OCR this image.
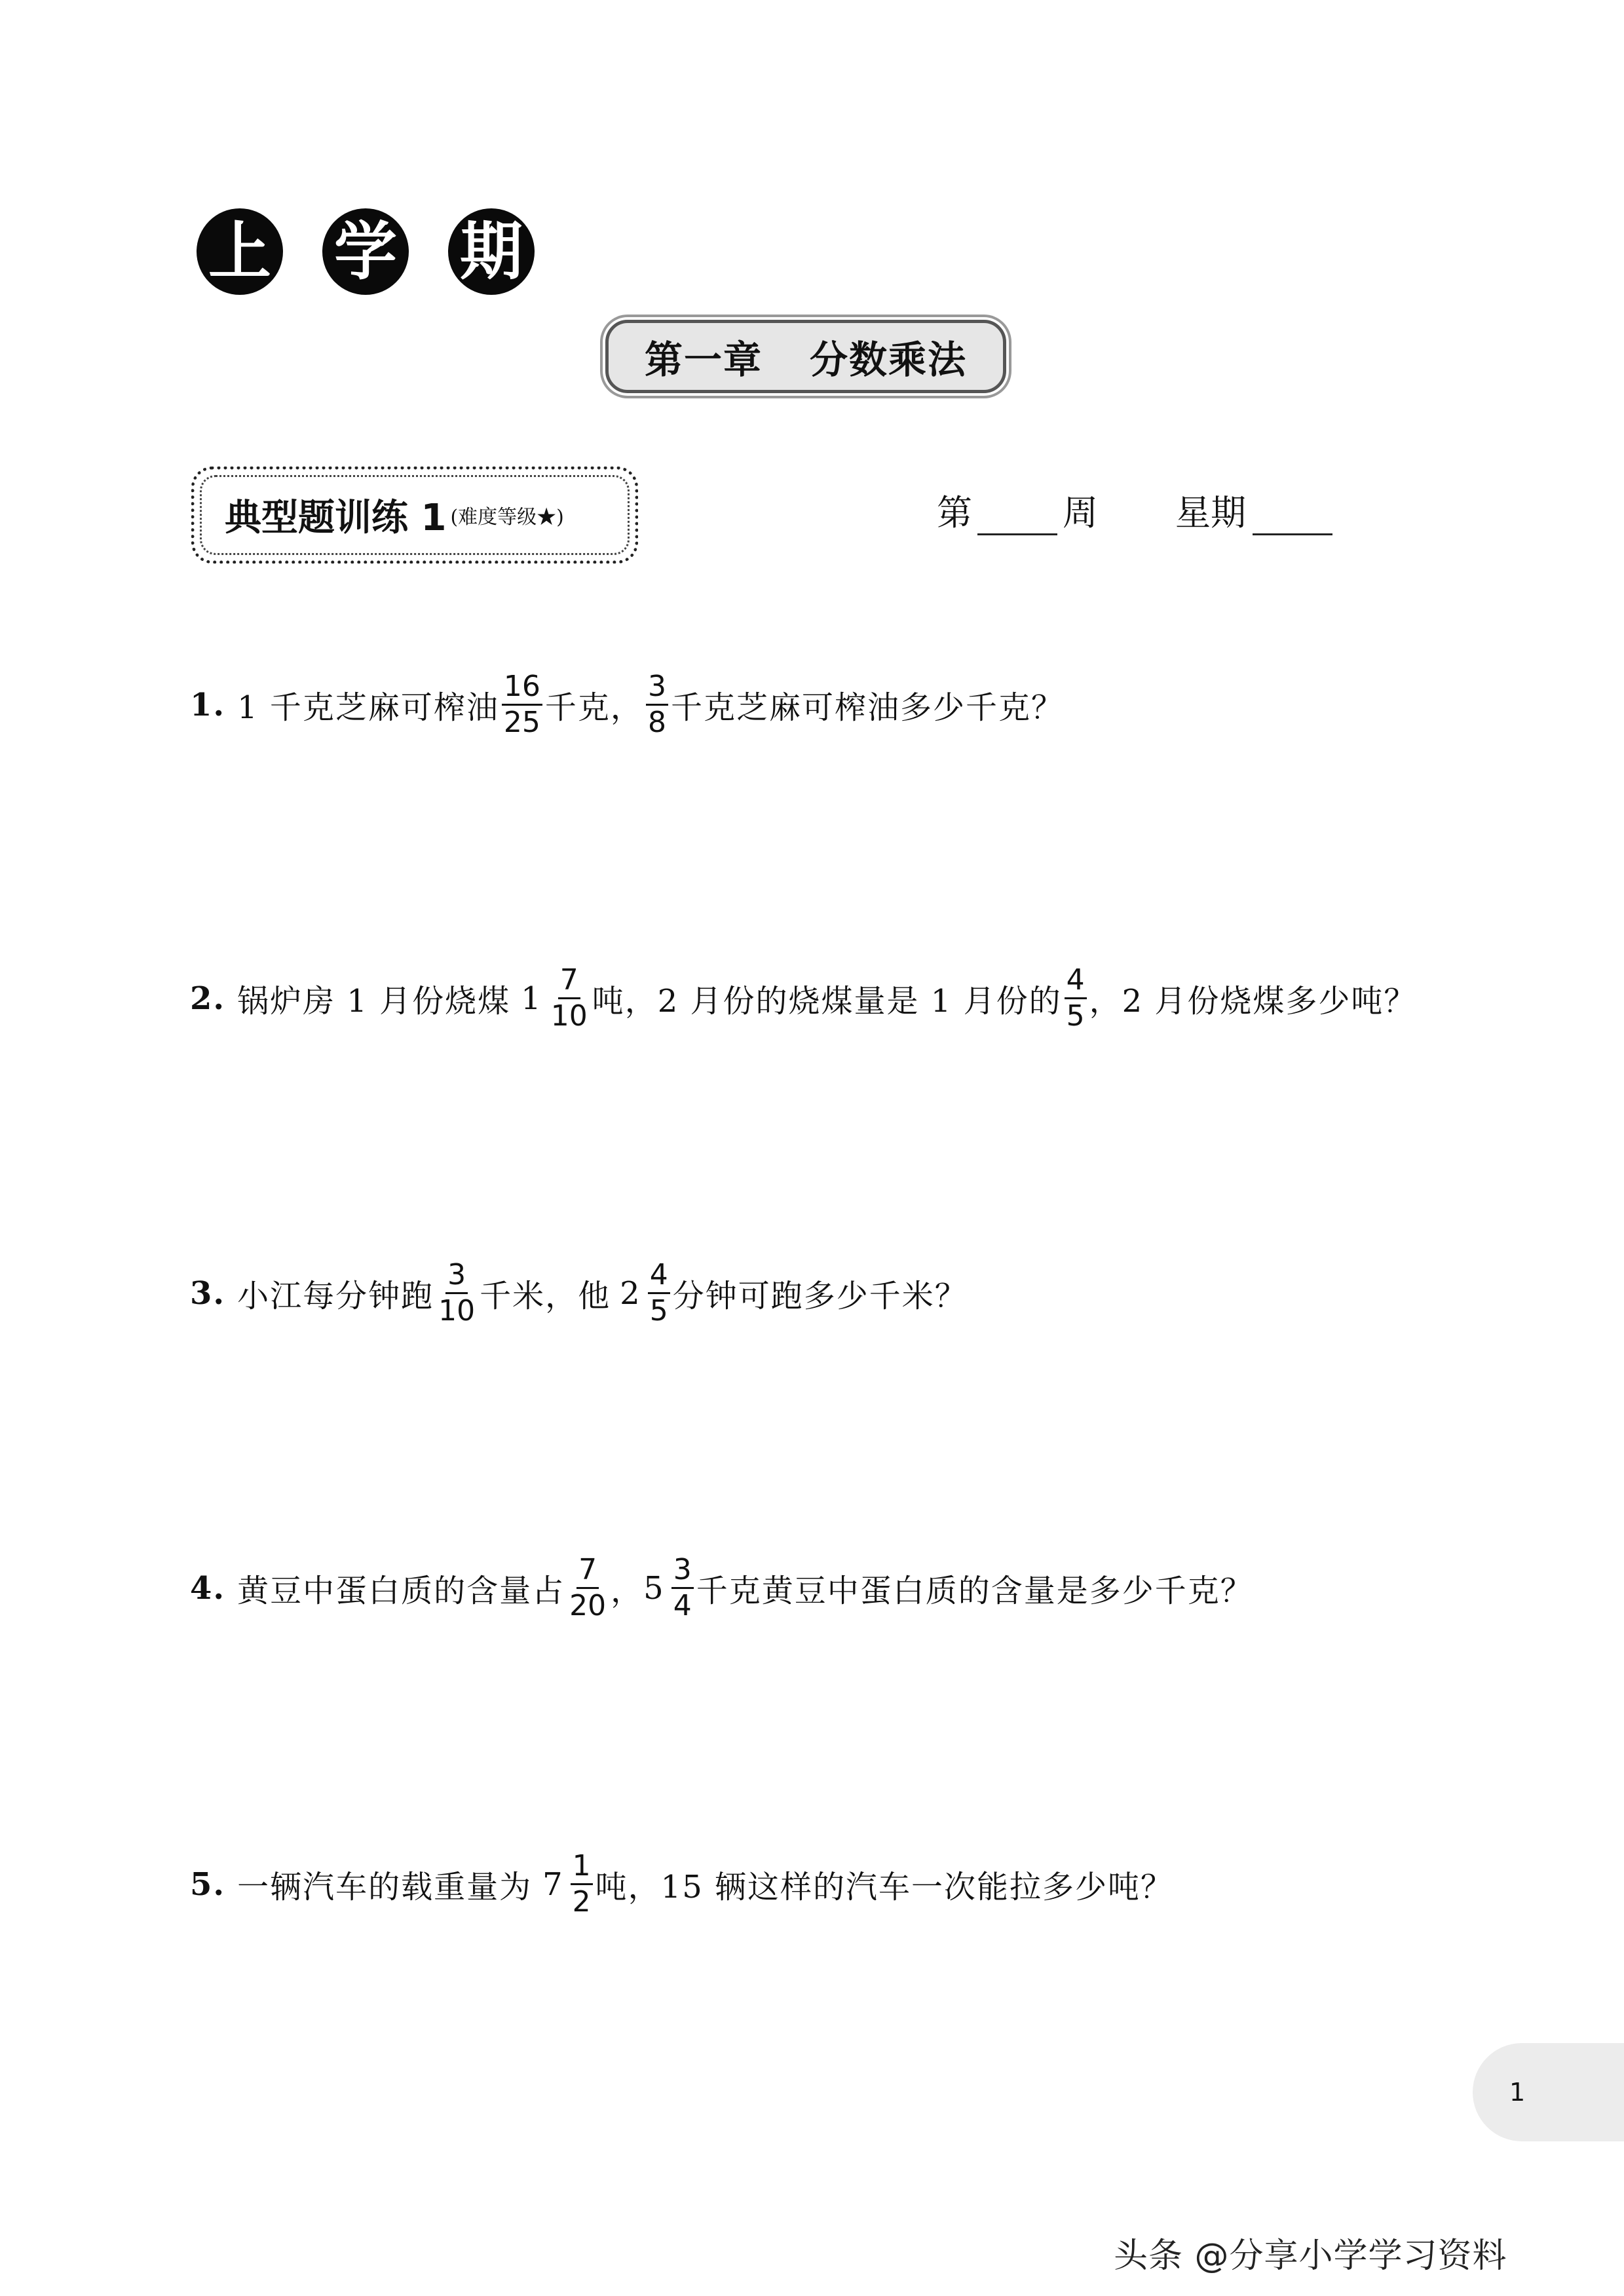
上 学 期
第一章 分数乘法
典型题训练 1 (难度等级★)	第	周 星期
1. 1 千克芝麻可榨油 $\frac{16}{25}$ 千克， $\frac{3}{8}$ 千克芝麻可榨油多少千克？
2. 锅炉房 1 月份烧煤 $1 \frac{7}{10}$ 吨，2 月份的烧煤量是 1 月份的 $\frac{4}{5}$ ，2 月份烧煤多少吨？
3. 小江每分钟跑 $\frac{3}{10}$ 千米，他 $2 \frac{4}{5}$ 分钟可跑多少千米？
4. 黄豆中蛋白质的含量占 $\frac{7}{20}$ ， $5 \frac{3}{4}$ 千克黄豆中蛋白质的含量是多少千克？
5. 一辆汽车的载重量为 $7 \frac{1}{2}$ 吨，15 辆这样的汽车一次能拉多少吨？
1
头条 @分享小学学习资料
